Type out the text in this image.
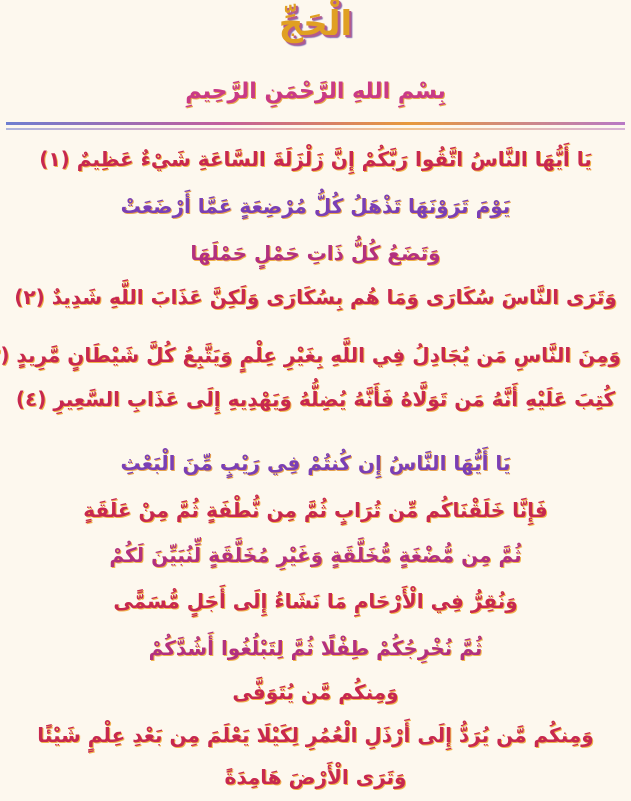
الْحَجِّ
بِسْمِ اللهِ الرَّحْمَنِ الرَّحِيمِ
يَا أَيُّهَا النَّاسُ اتَّقُوا رَبَّكُمْ إِنَّ زَلْزَلَةَ السَّاعَةِ شَيْءٌ عَظِيمٌ (١)
يَوْمَ تَرَوْنَهَا تَذْهَلُ كُلُّ مُرْضِعَةٍ عَمَّا أَرْضَعَتْ
وَتَضَعُ كُلُّ ذَاتِ حَمْلٍ حَمْلَهَا
وَتَرَى النَّاسَ سُكَارَى وَمَا هُم بِسُكَارَى وَلَكِنَّ عَذَابَ اللَّهِ شَدِيدٌ (٢)
وَمِنَ النَّاسِ مَن يُجَادِلُ فِي اللَّهِ بِغَيْرِ عِلْمٍ وَيَتَّبِعُ كُلَّ شَيْطَانٍ مَّرِيدٍ (
كُتِبَ عَلَيْهِ أَنَّهُ مَن تَوَلَّاهُ فَأَنَّهُ يُضِلُّهُ وَيَهْدِيهِ إِلَى عَذَابِ السَّعِيرِ (٤)
يَا أَيُّهَا النَّاسُ إِن كُنتُمْ فِي رَيْبٍ مِّنَ الْبَعْثِ
فَإِنَّا خَلَقْنَاكُم مِّن تُرَابٍ ثُمَّ مِن نُّطْفَةٍ ثُمَّ مِنْ عَلَقَةٍ
ثُمَّ مِن مُّضْغَةٍ مُّخَلَّقَةٍ وَغَيْرِ مُخَلَّقَةٍ لِّنُبَيِّنَ لَكُمْ
وَنُقِرُّ فِي الْأَرْحَامِ مَا نَشَاءُ إِلَى أَجَلٍ مُّسَمًّى
ثُمَّ نُخْرِجُكُمْ طِفْلًا ثُمَّ لِتَبْلُغُوا أَشُدَّكُمْ
وَمِنكُم مَّن يُتَوَفَّى
وَمِنكُم مَّن يُرَدُّ إِلَى أَرْذَلِ الْعُمُرِ لِكَيْلَا يَعْلَمَ مِن بَعْدِ عِلْمٍ شَيْئًا
وَتَرَى الْأَرْضَ هَامِدَةً
